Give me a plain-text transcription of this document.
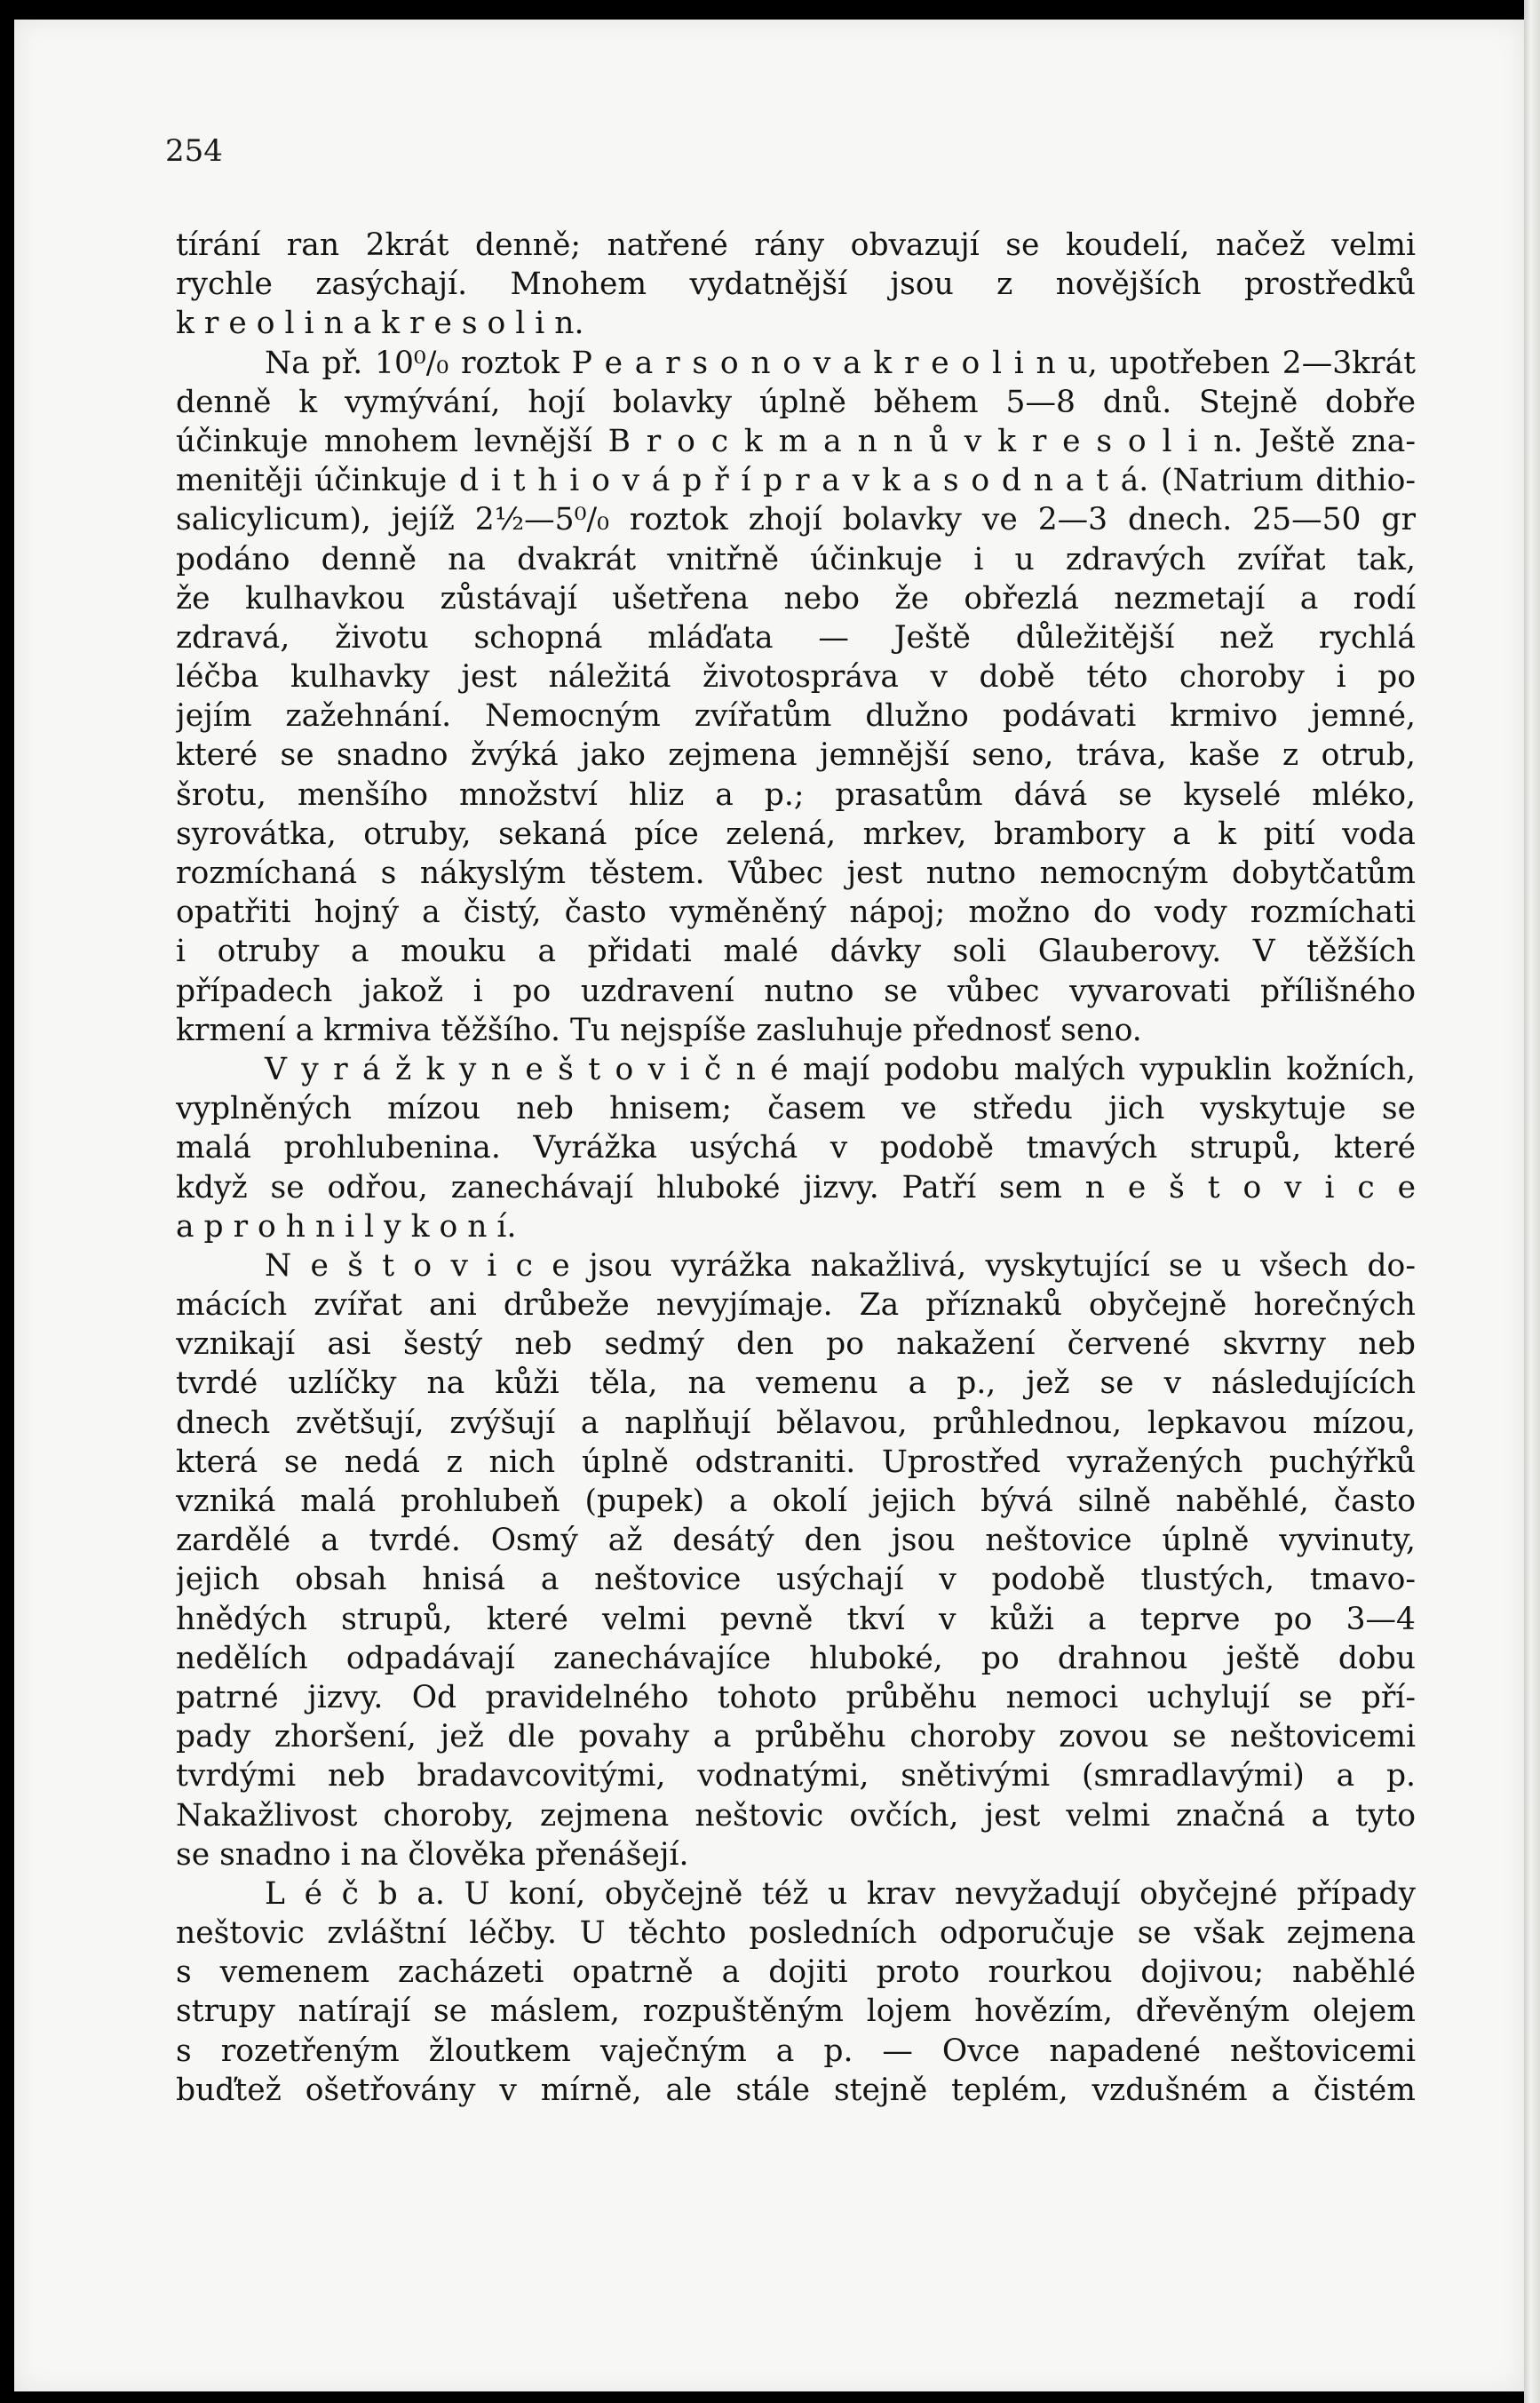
254
tírání ran 2krát denně; natřené rány obvazují se koudelí, načež velmi
rychle zasýchají. Mnohem vydatnější jsou z novějších prostředků
k r e o l i n a k r e s o l i n.
Na př. 10⁰/₀ roztok P e a r s o n o v a k r e o l i n u, upotřeben 2—3krát
denně k vymývání, hojí bolavky úplně během 5—8 dnů. Stejně dobře
účinkuje mnohem levnější B r o c k m a n n ů v k r e s o l i n. Ještě zna-
menitěji účinkuje d i t h i o v á p ř í p r a v k a s o d n a t á. (Natrium dithio-
salicylicum), jejíž 2½—5⁰/₀ roztok zhojí bolavky ve 2—3 dnech. 25—50 gr
podáno denně na dvakrát vnitřně účinkuje i u zdravých zvířat tak,
že kulhavkou zůstávají ušetřena nebo že obřezlá nezmetají a rodí
zdravá, životu schopná mláďata — Ještě důležitější než rychlá
léčba kulhavky jest náležitá životospráva v době této choroby i po
jejím zažehnání. Nemocným zvířatům dlužno podávati krmivo jemné,
které se snadno žvýká jako zejmena jemnější seno, tráva, kaše z otrub,
šrotu, menšího množství hliz a p.; prasatům dává se kyselé mléko,
syrovátka, otruby, sekaná píce zelená, mrkev, brambory a k pití voda
rozmíchaná s nákyslým těstem. Vůbec jest nutno nemocným dobytčatům
opatřiti hojný a čistý, často vyměněný nápoj; možno do vody rozmíchati
i otruby a mouku a přidati malé dávky soli Glauberovy. V těžších
případech jakož i po uzdravení nutno se vůbec vyvarovati přílišného
krmení a krmiva těžšího. Tu nejspíše zasluhuje přednosť seno.
V y r á ž k y n e š t o v i č n é mají podobu malých vypuklin kožních,
vyplněných mízou neb hnisem; časem ve středu jich vyskytuje se
malá prohlubenina. Vyrážka usýchá v podobě tmavých strupů, které
když se odřou, zanechávají hluboké jizvy. Patří sem n e š t o v i c e
a p r o h n i l y k o n í.
N e š t o v i c e jsou vyrážka nakažlivá, vyskytující se u všech do-
mácích zvířat ani drůbeže nevyjímaje. Za příznaků obyčejně horečných
vznikají asi šestý neb sedmý den po nakažení červené skvrny neb
tvrdé uzlíčky na kůži těla, na vemenu a p., jež se v následujících
dnech zvětšují, zvýšují a naplňují bělavou, průhlednou, lepkavou mízou,
která se nedá z nich úplně odstraniti. Uprostřed vyražených puchýřků
vzniká malá prohlubeň (pupek) a okolí jejich bývá silně naběhlé, často
zardělé a tvrdé. Osmý až desátý den jsou neštovice úplně vyvinuty,
jejich obsah hnisá a neštovice usýchají v podobě tlustých, tmavo-
hnědých strupů, které velmi pevně tkví v kůži a teprve po 3—4
nedělích odpadávají zanechávajíce hluboké, po drahnou ještě dobu
patrné jizvy. Od pravidelného tohoto průběhu nemoci uchylují se pří-
pady zhoršení, jež dle povahy a průběhu choroby zovou se neštovicemi
tvrdými neb bradavcovitými, vodnatými, snětivými (smradlavými) a p.
Nakažlivost choroby, zejmena neštovic ovčích, jest velmi značná a tyto
se snadno i na člověka přenášejí.
L é č b a. U koní, obyčejně též u krav nevyžadují obyčejné případy
neštovic zvláštní léčby. U těchto posledních odporučuje se však zejmena
s vemenem zacházeti opatrně a dojiti proto rourkou dojivou; naběhlé
strupy natírají se máslem, rozpuštěným lojem hovězím, dřevěným olejem
s rozetřeným žloutkem vaječným a p. — Ovce napadené neštovicemi
buďtež ošetřovány v mírně, ale stále stejně teplém, vzdušném a čistém
